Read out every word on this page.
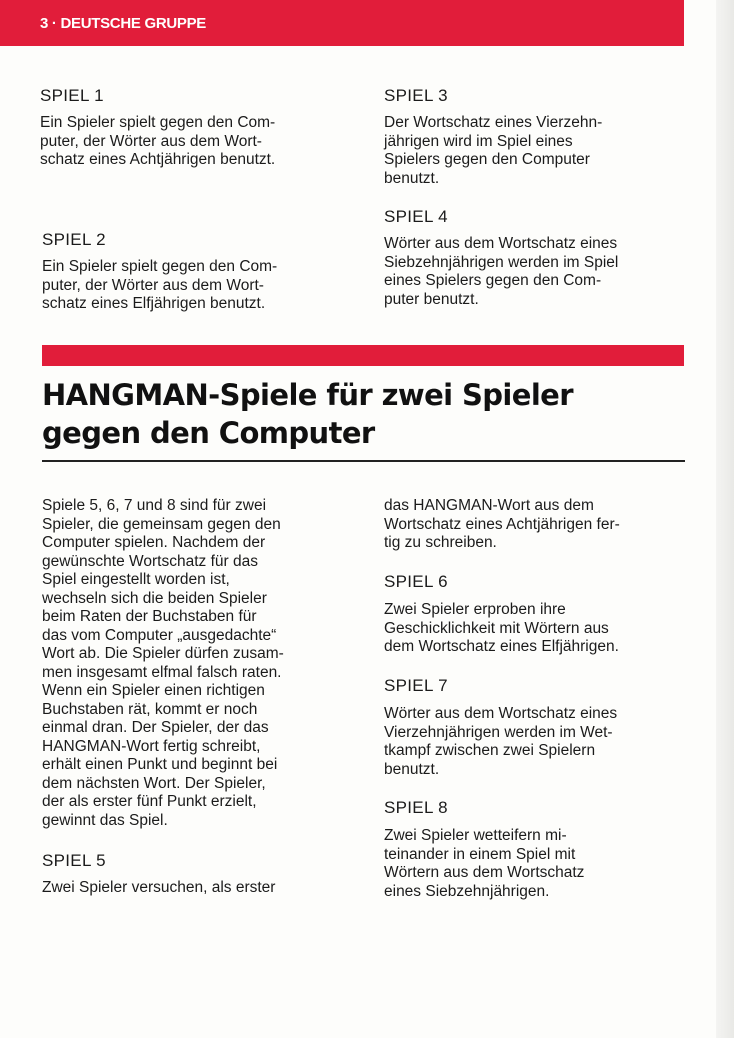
3 · DEUTSCHE GRUPPE
SPIEL 1

Ein Spieler spielt gegen den Com-
puter, der Wörter aus dem Wort-
schatz eines Achtjährigen benutzt.

SPIEL 2

Ein Spieler spielt gegen den Com-
puter, der Wörter aus dem Wort-
schatz eines Elfjährigen benutzt.

SPIEL 3

Der Wortschatz eines Vierzehn-
jährigen wird im Spiel eines
Spielers gegen den Computer
benutzt.

SPIEL 4

Wörter aus dem Wortschatz eines
Siebzehnjährigen werden im Spiel
eines Spielers gegen den Com-
puter benutzt.

HANGMAN-Spiele für zwei Spieler
gegen den Computer

Spiele 5, 6, 7 und 8 sind für zwei
Spieler, die gemeinsam gegen den
Computer spielen. Nachdem der
gewünschte Wortschatz für das
Spiel eingestellt worden ist,
wechseln sich die beiden Spieler
beim Raten der Buchstaben für
das vom Computer „ausgedachte“
Wort ab. Die Spieler dürfen zusam-
men insgesamt elfmal falsch raten.
Wenn ein Spieler einen richtigen
Buchstaben rät, kommt er noch
einmal dran. Der Spieler, der das
HANGMAN-Wort fertig schreibt,
erhält einen Punkt und beginnt bei
dem nächsten Wort. Der Spieler,
der als erster fünf Punkt erzielt,
gewinnt das Spiel.

SPIEL 5

Zwei Spieler versuchen, als erster

das HANGMAN-Wort aus dem
Wortschatz eines Achtjährigen fer-
tig zu schreiben.

SPIEL 6

Zwei Spieler erproben ihre
Geschicklichkeit mit Wörtern aus
dem Wortschatz eines Elfjährigen.

SPIEL 7

Wörter aus dem Wortschatz eines
Vierzehnjährigen werden im Wet-
tkampf zwischen zwei Spielern
benutzt.

SPIEL 8

Zwei Spieler wetteifern mi-
teinander in einem Spiel mit
Wörtern aus dem Wortschatz
eines Siebzehnjährigen.
